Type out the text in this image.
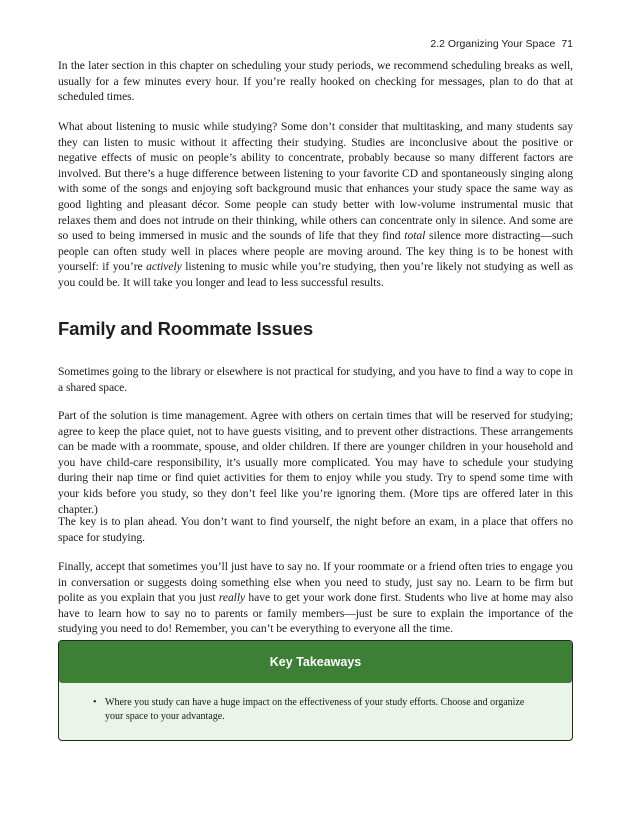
2.2 Organizing Your Space 71

In the later section in this chapter on scheduling your study periods, we recommend scheduling breaks as well, usually for a few minutes every hour. If you’re really hooked on checking for messages, plan to do that at scheduled times.

What about listening to music while studying? Some don’t consider that multitasking, and many students say they can listen to music without it affecting their studying. Studies are inconclusive about the positive or negative effects of music on people’s ability to concentrate, probably because so many different factors are involved. But there’s a huge difference between listening to your favorite CD and spontaneously singing along with some of the songs and enjoying soft background music that enhances your study space the same way as good lighting and pleasant décor. Some people can study better with low-volume instrumental music that relaxes them and does not intrude on their thinking, while others can concentrate only in silence. And some are so used to being immersed in music and the sounds of life that they find total silence more distracting—such people can often study well in places where people are moving around. The key thing is to be honest with yourself: if you’re actively listening to music while you’re studying, then you’re likely not studying as well as you could be. It will take you longer and lead to less successful results.

Family and Roommate Issues

Sometimes going to the library or elsewhere is not practical for studying, and you have to find a way to cope in a shared space.

Part of the solution is time management. Agree with others on certain times that will be reserved for studying; agree to keep the place quiet, not to have guests visiting, and to prevent other distractions. These arrangements can be made with a roommate, spouse, and older children. If there are younger children in your household and you have child-care responsibility, it’s usually more complicated. You may have to schedule your studying during their nap time or find quiet activities for them to enjoy while you study. Try to spend some time with your kids before you study, so they don’t feel like you’re ignoring them. (More tips are offered later in this chapter.)

The key is to plan ahead. You don’t want to find yourself, the night before an exam, in a place that offers no space for studying.

Finally, accept that sometimes you’ll just have to say no. If your roommate or a friend often tries to engage you in conversation or suggests doing something else when you need to study, just say no. Learn to be firm but polite as you explain that you just really have to get your work done first. Students who live at home may also have to learn how to say no to parents or family members—just be sure to explain the importance of the studying you need to do! Remember, you can’t be everything to everyone all the time.

Key Takeaways
• Where you study can have a huge impact on the effectiveness of your study efforts. Choose and organize your space to your advantage.
